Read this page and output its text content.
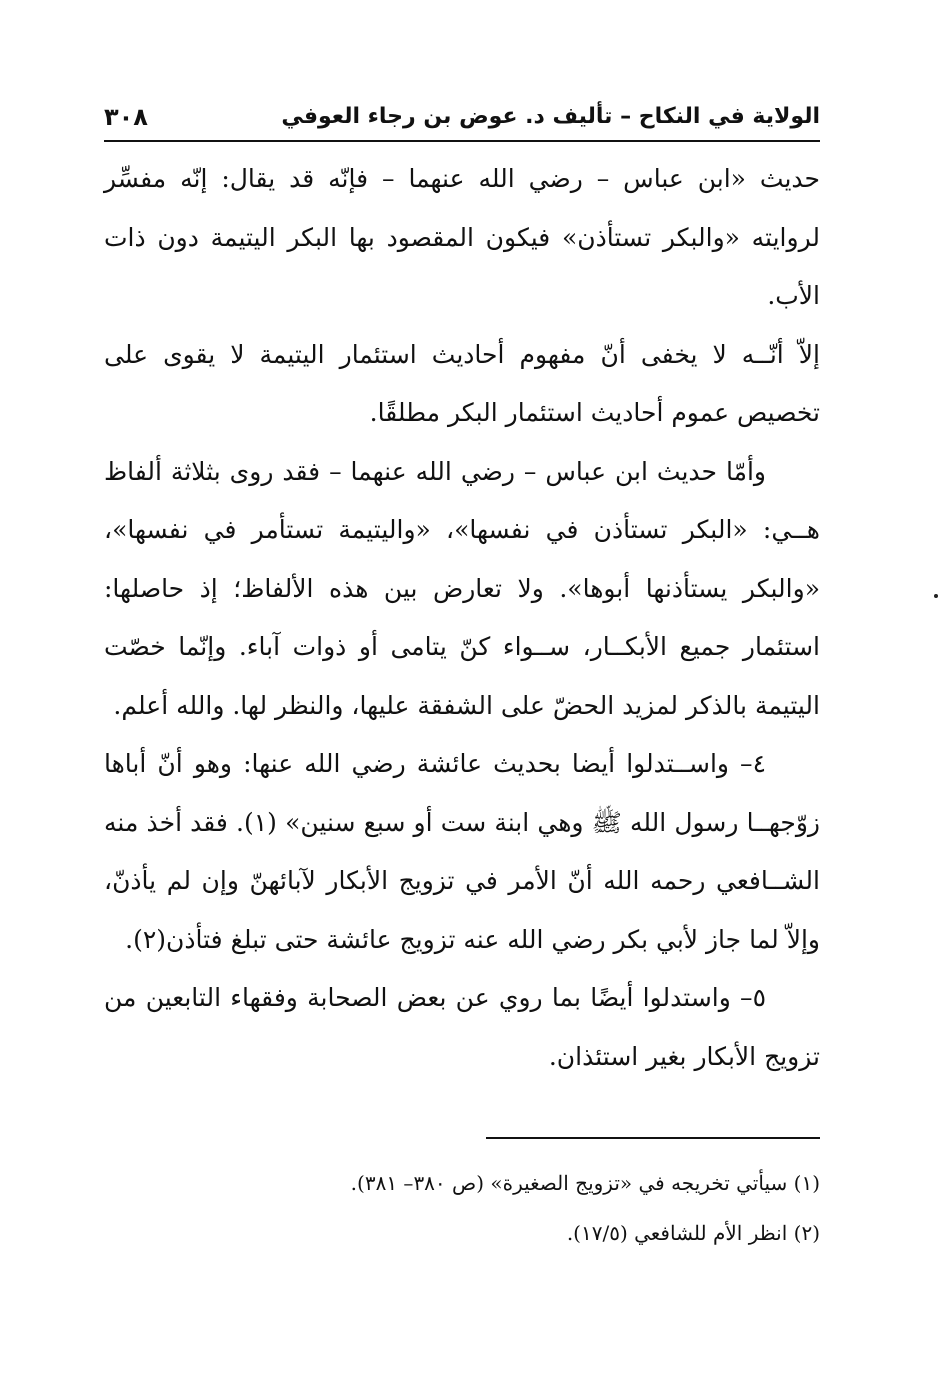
الولاية في النكاح – تأليف د. عوض بن رجاء العوفي
٣٠٨

حديث «ابن عباس – رضي الله عنهما – فإنّه قد يقال: إنّه مفسِّر لروايته «والبكر تستأذن» فيكون المقصود بها البكر اليتيمة دون ذات الأب.

إلاّ أنّــه لا يخفى أنّ مفهوم أحاديث استئمار اليتيمة لا يقوى على تخصيص عموم أحاديث استئمار البكر مطلقًا.

وأمّا حديث ابن عباس – رضي الله عنهما – فقد روى بثلاثة ألفاظ هــي: «البكر تستأذن في نفسها»، «واليتيمة تستأمر في نفسها»، «والبكر يستأذنها أبوها». ولا تعارض بين هذه الألفاظ؛ إذ حاصلها: استئمار جميع الأبكــار، ســواء كنّ يتامى أو ذوات آباء. وإنّما خصّت اليتيمة بالذكر لمزيد الحضّ على الشفقة عليها، والنظر لها. والله أعلم.

٤– واســتدلوا أيضا بحديث عائشة رضي الله عنها: وهو أنّ أباها زوّجهــا رسول الله ﷺ وهي ابنة ست أو سبع سنين» (١). فقد أخذ منه الشــافعي رحمه الله أنّ الأمر في تزويج الأبكار لآبائهنّ وإن لم يأذنّ، وإلاّ لما جاز لأبي بكر رضي الله عنه تزويج عائشة حتى تبلغ فتأذن(٢).

٥– واستدلوا أيضًا بما روي عن بعض الصحابة وفقهاء التابعين من تزويج الأبكار بغير استئذان.

(١) سيأتي تخريجه في «تزويج الصغيرة» (ص ٣٨٠– ٣٨١).

(٢) انظر الأم للشافعي (١٧/٥).
